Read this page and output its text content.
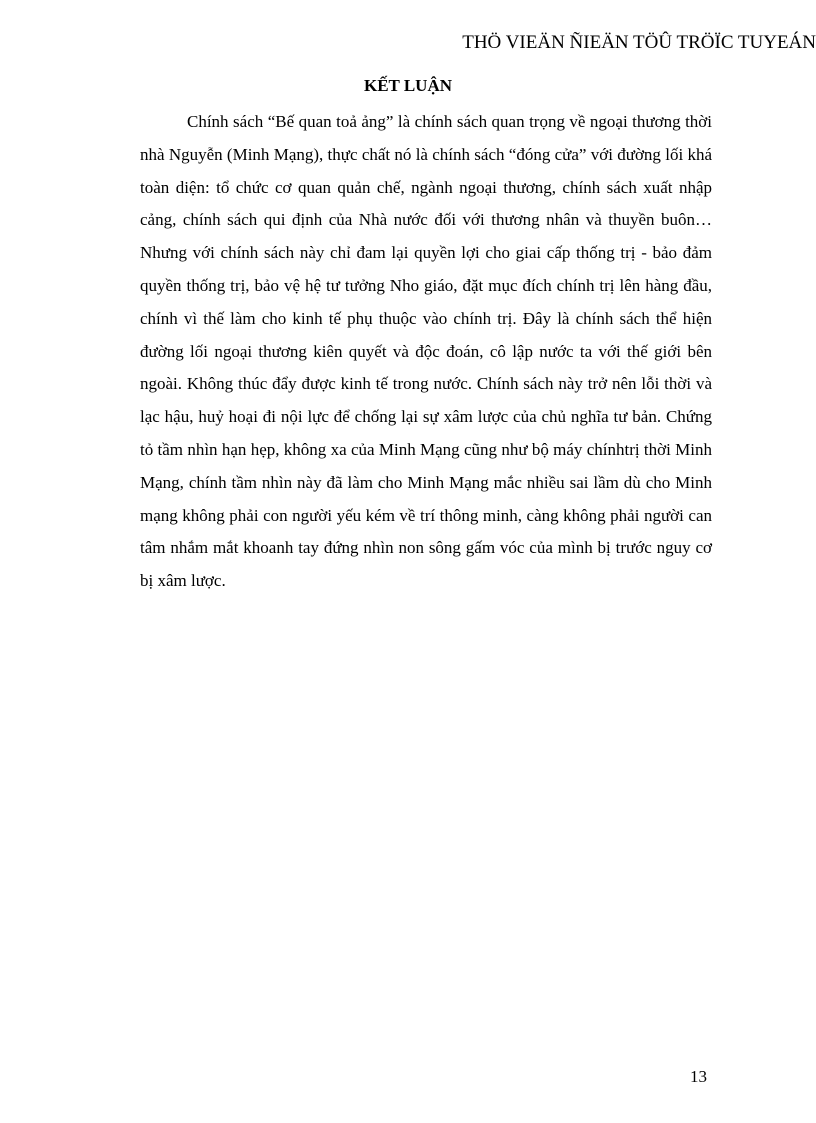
THÖ VIEÄN ÑIEÄN TÖÛ TRÖÏC TUYEÁN
KẾT LUẬN

Chính sách “Bế quan toả ảng” là chính sách quan trọng về ngoại thương thời nhà Nguyễn (Minh Mạng), thực chất nó là chính sách “đóng cửa” với đường lối khá toàn diện: tổ chức cơ quan quản chế, ngành ngoại thương, chính sách xuất nhập cảng, chính sách qui định của Nhà nước đối với thương nhân và thuyền buôn… Nhưng với chính sách này chỉ đam lại quyền lợi cho giai cấp thống trị - bảo đảm quyền thống trị, bảo vệ hệ tư tưởng Nho giáo, đặt mục đích chính trị lên hàng đầu, chính vì thế làm cho kinh tế phụ thuộc vào chính trị. Đây là chính sách thể hiện đường lối ngoại thương kiên quyết và độc đoán, cô lập nước ta với thế giới bên ngoài. Không thúc đẩy được kinh tế trong nước. Chính sách này trở nên lỗi thời và lạc hậu, huỷ hoại đi nội lực để chống lại sự xâm lược của chủ nghĩa tư bản. Chứng tỏ tầm nhìn hạn hẹp, không xa của Minh Mạng cũng như bộ máy chínhtrị thời Minh Mạng, chính tầm nhìn này đã làm cho Minh Mạng mắc nhiều sai lầm dù cho Minh mạng không phải con người yếu kém về trí thông minh, càng không phải người can tâm nhắm mắt khoanh tay đứng nhìn non sông gấm vóc của mình bị trước nguy cơ bị xâm lược.

13
